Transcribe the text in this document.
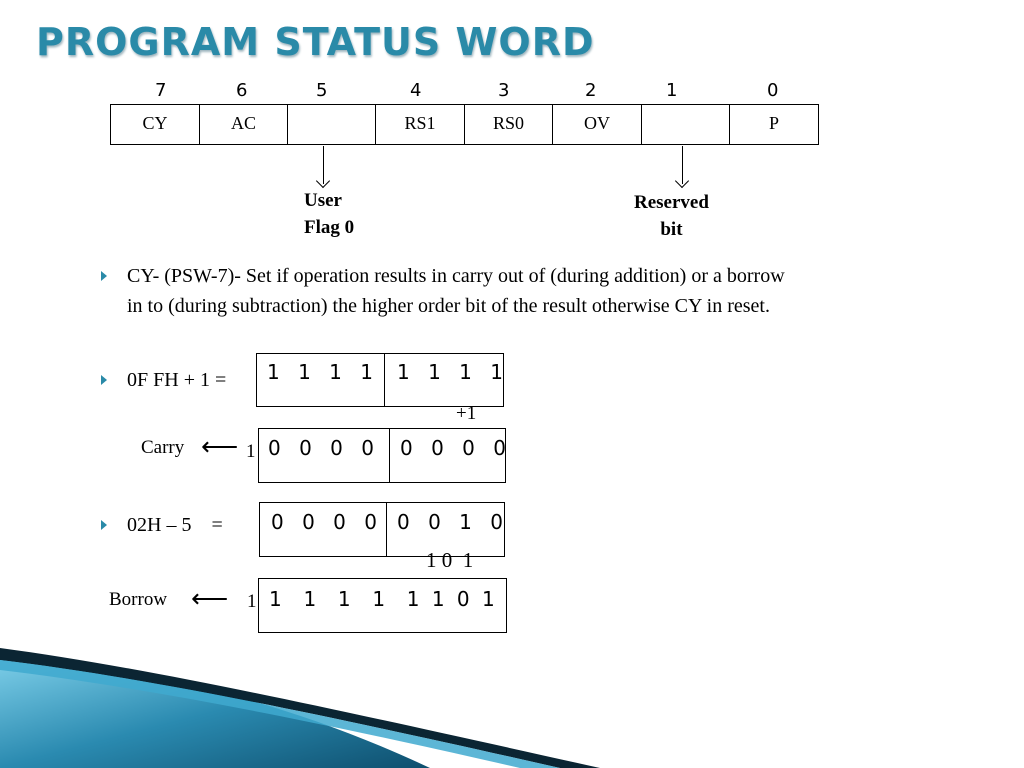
PROGRAM STATUS WORD
7	6	5	4	3	2	1	0
CY	AC		RS1	RS0	OV		P
User
Flag 0
Reserved
bit
CY- (PSW-7)- Set if operation results in carry out of (during addition) or a borrow
in to (during subtraction) the higher order bit of the result otherwise CY in reset.
0F FH + 1 = 1 1 1 1 1 1 1 1
+1
Carry ⟵ 1 0 0 0 0 0 0 0 0
02H – 5    = 0 0 0 0 0 0 1 0
1 0  1
Borrow ⟵ 1 1  1  1  1  1 1 0 1
